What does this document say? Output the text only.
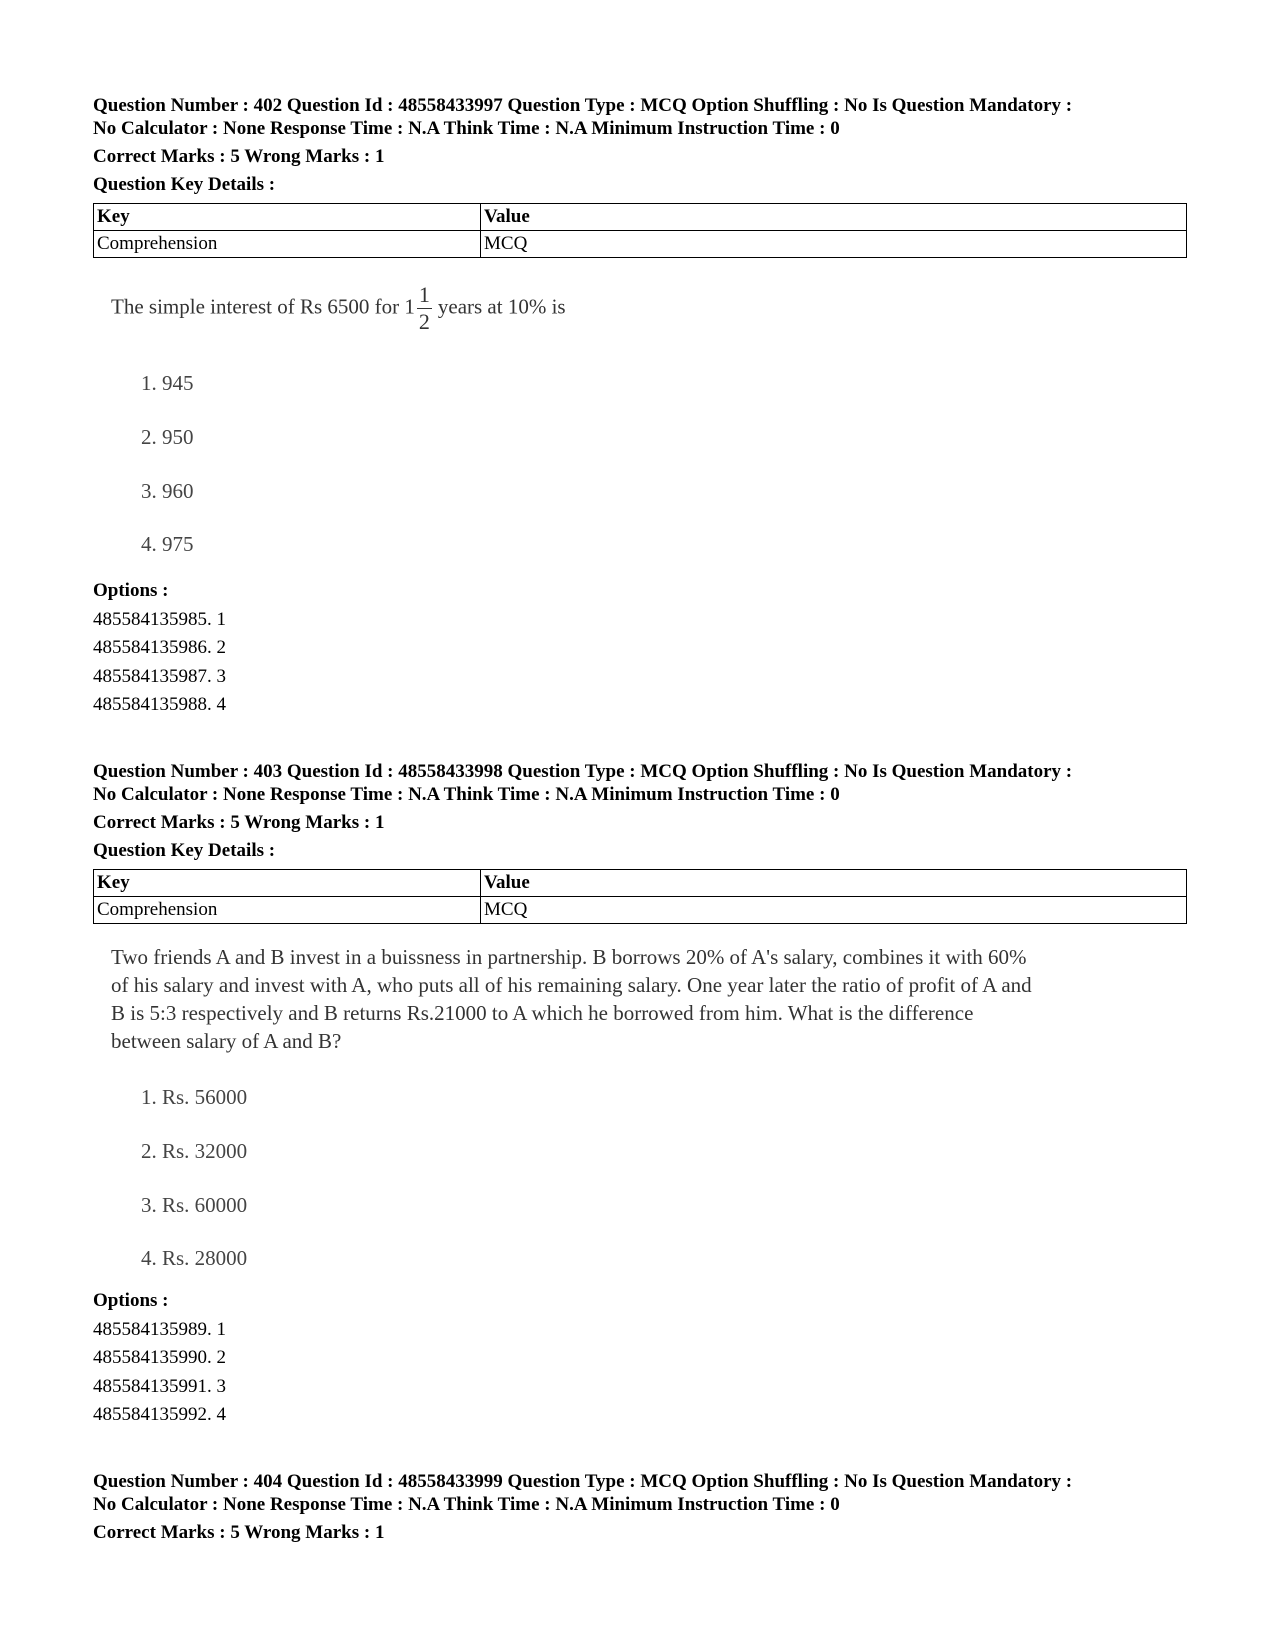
Question Number : 402 Question Id : 48558433997 Question Type : MCQ Option Shuffling : No Is Question Mandatory :
No Calculator : None Response Time : N.A Think Time : N.A Minimum Instruction Time : 0
Correct Marks : 5 Wrong Marks : 1
Question Key Details :
Key	Value
Comprehension	MCQ
The simple interest of Rs 6500 for $1 \frac{1}{2}$ years at 10% is
1. 945
2. 950
3. 960
4. 975
Options :
485584135985. 1
485584135986. 2
485584135987. 3
485584135988. 4
Question Number : 403 Question Id : 48558433998 Question Type : MCQ Option Shuffling : No Is Question Mandatory :
No Calculator : None Response Time : N.A Think Time : N.A Minimum Instruction Time : 0
Correct Marks : 5 Wrong Marks : 1
Question Key Details :
Key	Value
Comprehension	MCQ
Two friends A and B invest in a buissness in partnership. B borrows 20% of A's salary, combines it with 60%
of his salary and invest with A, who puts all of his remaining salary. One year later the ratio of profit of A and
B is 5:3 respectively and B returns Rs.21000 to A which he borrowed from him. What is the difference
between salary of A and B?
1. Rs. 56000
2. Rs. 32000
3. Rs. 60000
4. Rs. 28000
Options :
485584135989. 1
485584135990. 2
485584135991. 3
485584135992. 4
Question Number : 404 Question Id : 48558433999 Question Type : MCQ Option Shuffling : No Is Question Mandatory :
No Calculator : None Response Time : N.A Think Time : N.A Minimum Instruction Time : 0
Correct Marks : 5 Wrong Marks : 1
